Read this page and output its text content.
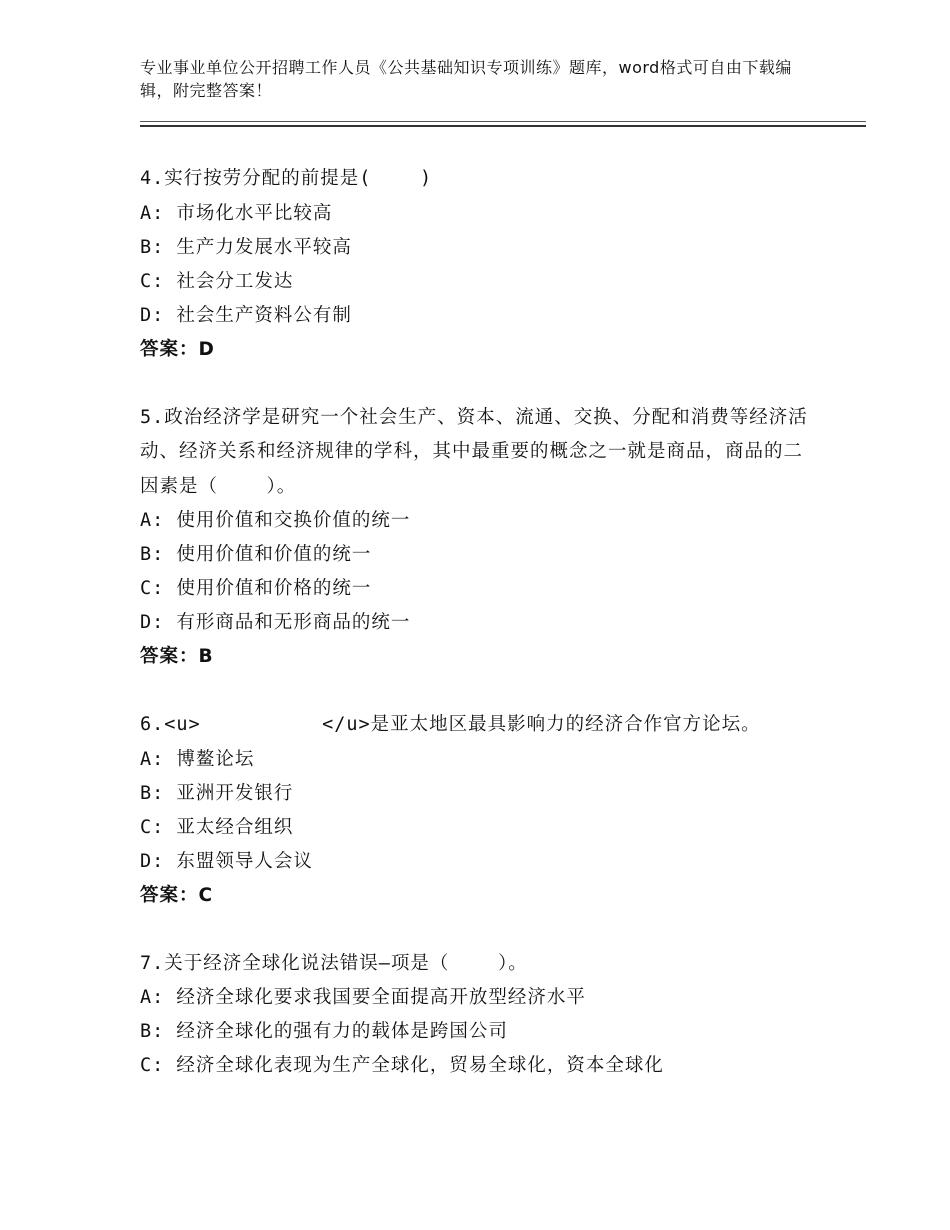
专业事业单位公开招聘工作人员《公共基础知识专项训练》题库，word格式可自由下载编辑，附完整答案！
4.实行按劳分配的前提是(    )
A: 市场化水平比较高
B: 生产力发展水平较高
C: 社会分工发达
D: 社会生产资料公有制
答案：D
5.政治经济学是研究一个社会生产、资本、流通、交换、分配和消费等经济活动、经济关系和经济规律的学科，其中最重要的概念之一就是商品，商品的二因素是（    ）。
A: 使用价值和交换价值的统一
B: 使用价值和价值的统一
C: 使用价值和价格的统一
D: 有形商品和无形商品的统一
答案：B
6.<u>          </u>是亚太地区最具影响力的经济合作官方论坛。
A: 博鳌论坛
B: 亚洲开发银行
C: 亚太经合组织
D: 东盟领导人会议
答案：C
7.关于经济全球化说法错误—项是（    ）。
A: 经济全球化要求我国要全面提高开放型经济水平
B: 经济全球化的强有力的载体是跨国公司
C: 经济全球化表现为生产全球化，贸易全球化，资本全球化
